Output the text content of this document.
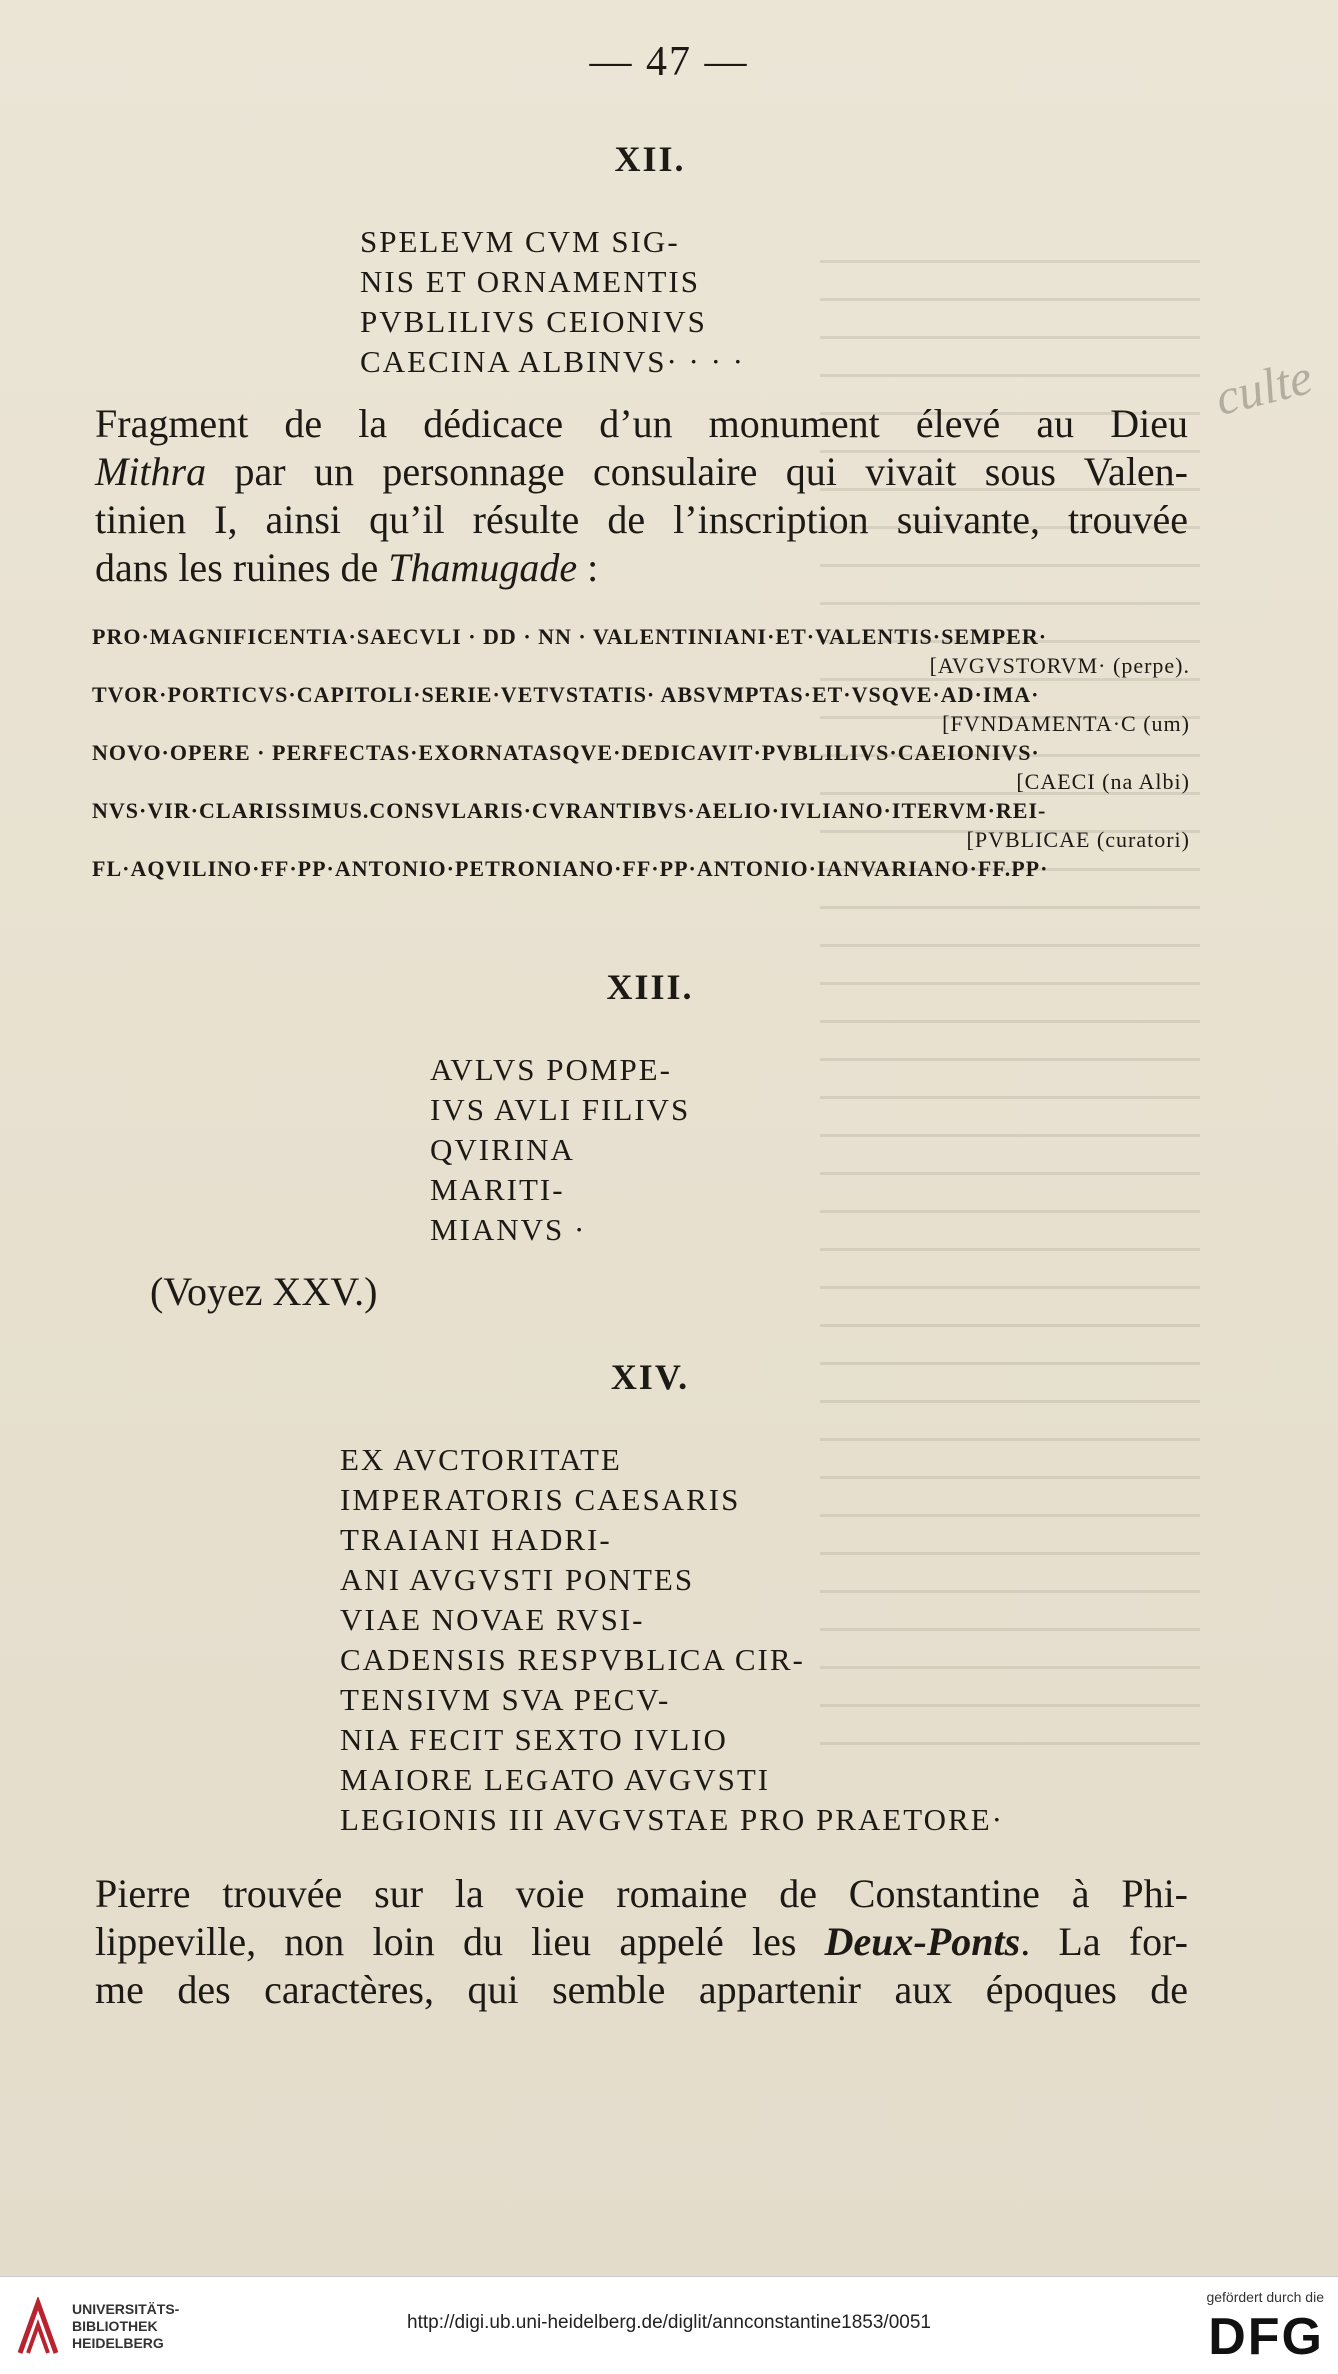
— 47 —
culte
XII.
SPELEVM CVM SIG-
NIS ET ORNAMENTIS
PVBLILIVS CEIONIVS
CAECINA ALBINVS· · · ·
Fragment de la dédicace d’un monument élevé au Dieu
Mithra par un personnage consulaire qui vivait sous Valen-
tinien I, ainsi qu’il résulte de l’inscription suivante, trouvée
dans les ruines de Thamugade :
PRO·MAGNIFICENTIA·SAECVLI · DD · NN · VALENTINIANI·ET·VALENTIS·SEMPER·
[AVGVSTORVM· (perpe).
TVOR·PORTICVS·CAPITOLI·SERIE·VETVSTATIS· ABSVMPTAS·ET·VSQVE·AD·IMA·
[FVNDAMENTA·C (um)
NOVO·OPERE · PERFECTAS·EXORNATASQVE·DEDICAVIT·PVBLILIVS·CAEIONIVS·
[CAECI (na Albi)
NVS·VIR·CLARISSIMUS.CONSVLARIS·CVRANTIBVS·AELIO·IVLIANO·ITERVM·REI-
[PVBLICAE (curatori)
FL·AQVILINO·FF·PP·ANTONIO·PETRONIANO·FF·PP·ANTONIO·IANVARIANO·FF.PP·
XIII.
AVLVS POMPE-
IVS AVLI FILIVS
QVIRINA
MARITI-
MIANVS ·
(Voyez XXV.)
XIV.
EX AVCTORITATE
IMPERATORIS CAESARIS
TRAIANI HADRI-
ANI AVGVSTI PONTES
VIAE NOVAE RVSI-
CADENSIS RESPVBLICA CIR-
TENSIVM SVA PECV-
NIA FECIT SEXTO IVLIO
MAIORE LEGATO AVGVSTI
LEGIONIS III AVGVSTAE PRO PRAETORE·
Pierre trouvée sur la voie romaine de Constantine à Phi-
lippeville, non loin du lieu appelé les Deux-Ponts. La for-
me des caractères, qui semble appartenir aux époques de
UNIVERSITÄTS-
BIBLIOTHEK
HEIDELBERG
http://digi.ub.uni-heidelberg.de/diglit/annconstantine1853/0051
gefördert durch die
DFG
